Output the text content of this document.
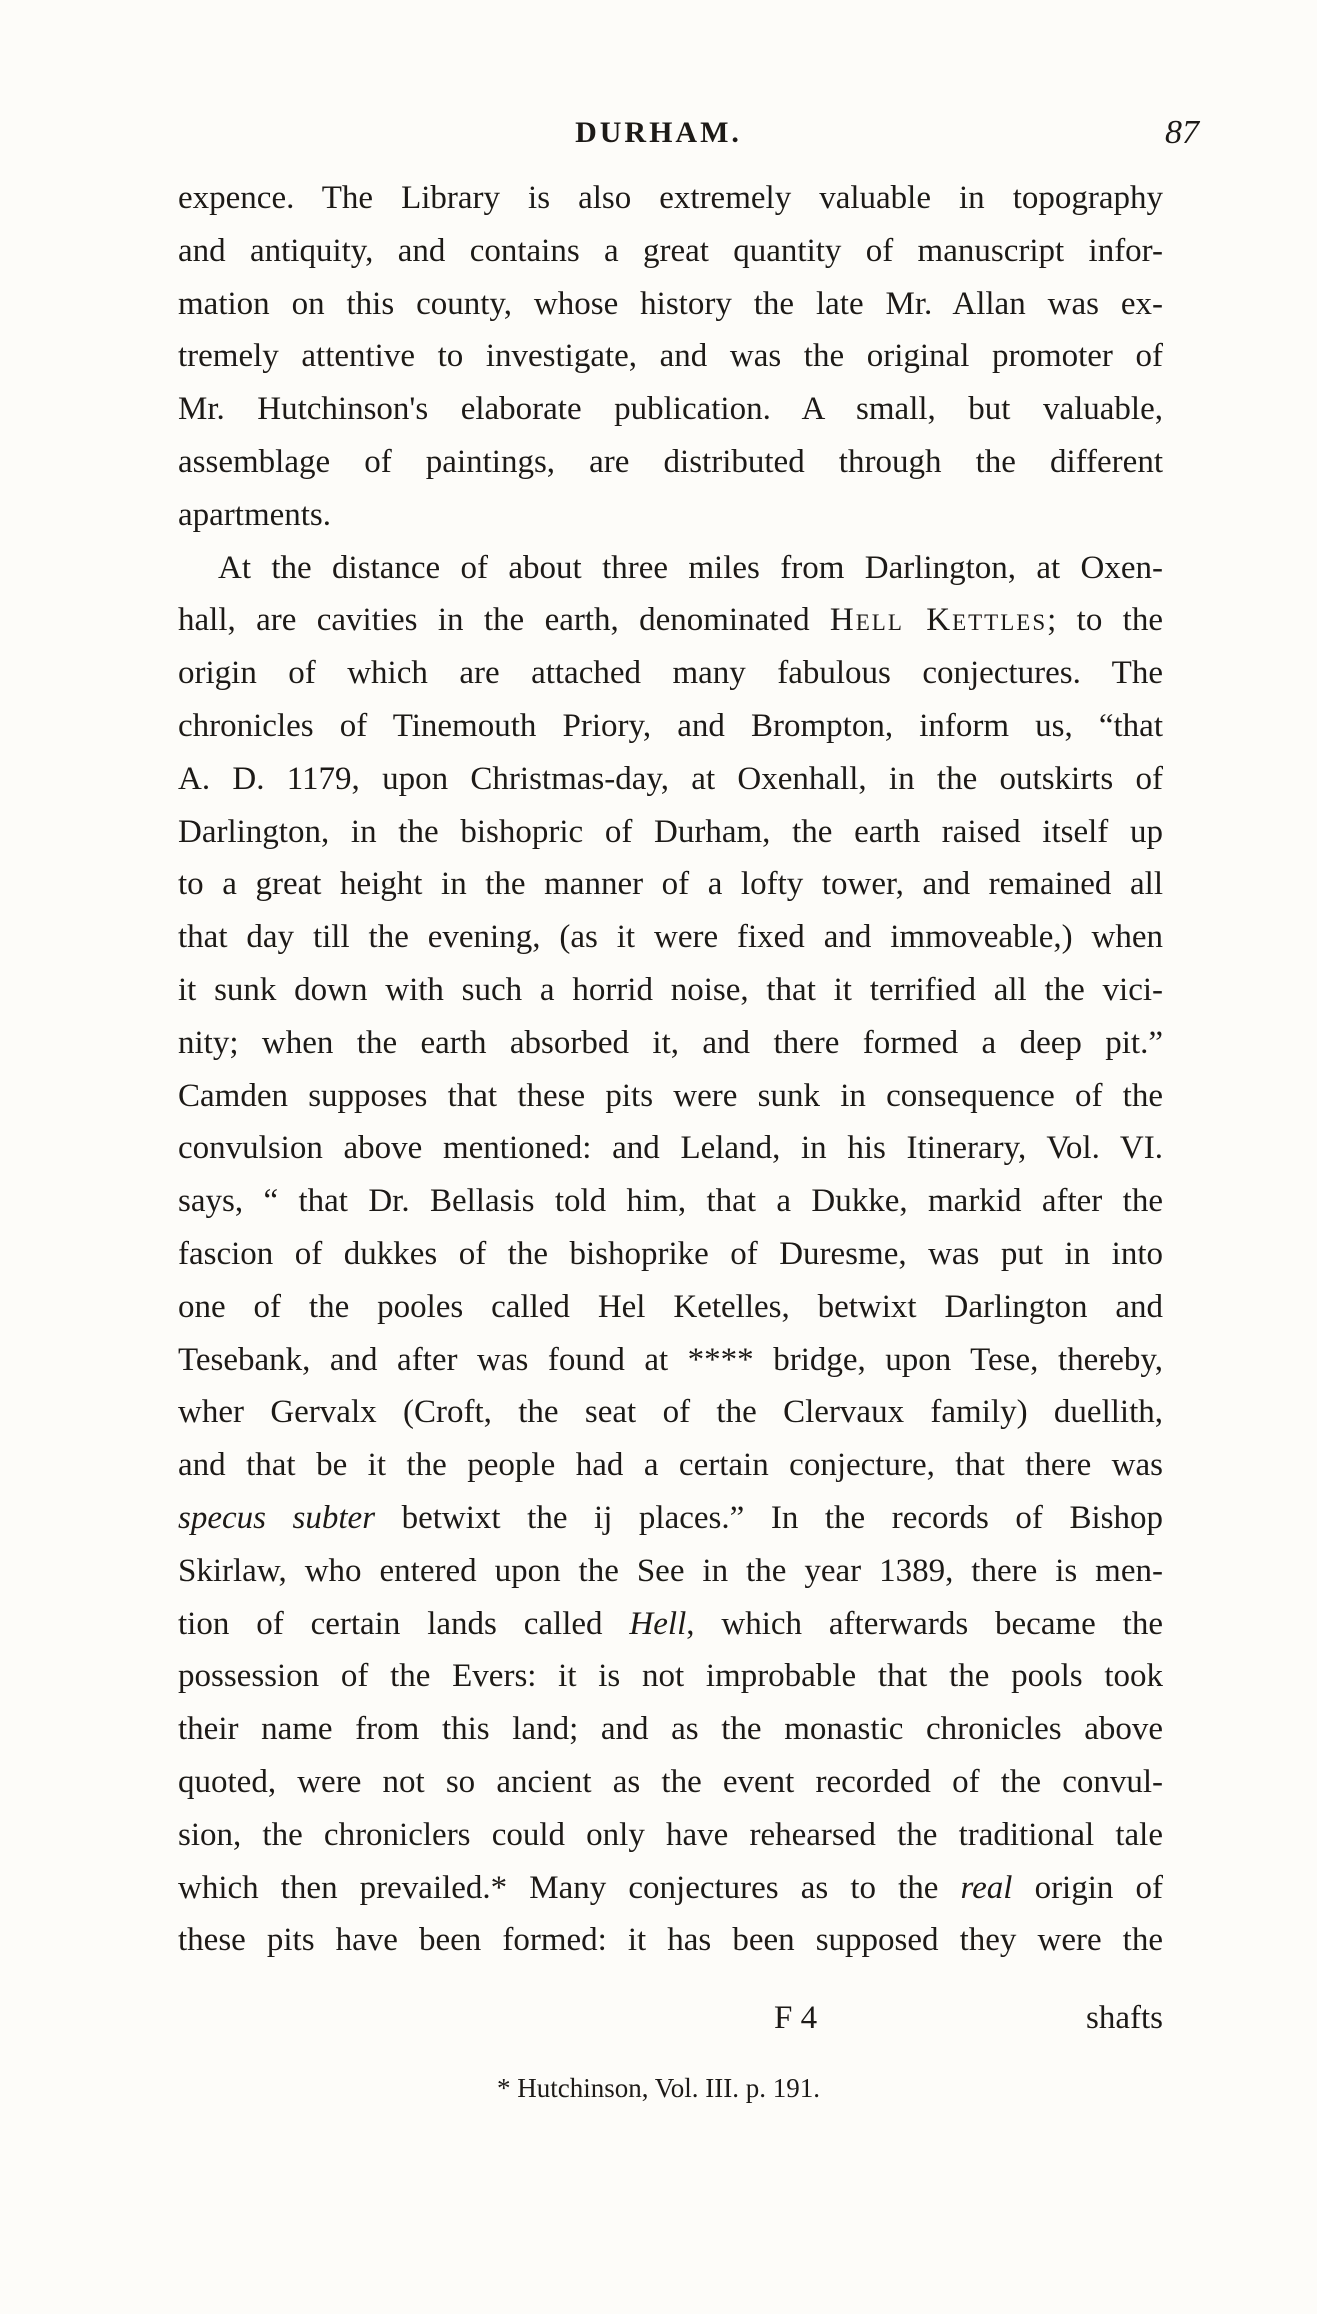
DURHAM.	87
expence. The Library is also extremely valuable in topography
and antiquity, and contains a great quantity of manuscript infor-
mation on this county, whose history the late Mr. Allan was ex-
tremely attentive to investigate, and was the original promoter of
Mr. Hutchinson's elaborate publication. A small, but valuable,
assemblage of paintings, are distributed through the different
apartments.
At the distance of about three miles from Darlington, at Oxen-
hall, are cavities in the earth, denominated Hell Kettles; to the
origin of which are attached many fabulous conjectures. The
chronicles of Tinemouth Priory, and Brompton, inform us, “that
A. D. 1179, upon Christmas-day, at Oxenhall, in the outskirts of
Darlington, in the bishopric of Durham, the earth raised itself up
to a great height in the manner of a lofty tower, and remained all
that day till the evening, (as it were fixed and immoveable,) when
it sunk down with such a horrid noise, that it terrified all the vici-
nity; when the earth absorbed it, and there formed a deep pit.”
Camden supposes that these pits were sunk in consequence of the
convulsion above mentioned: and Leland, in his Itinerary, Vol. VI.
says, “ that Dr. Bellasis told him, that a Dukke, markid after the
fascion of dukkes of the bishoprike of Duresme, was put in into
one of the pooles called Hel Ketelles, betwixt Darlington and
Tesebank, and after was found at **** bridge, upon Tese, thereby,
wher Gervalx (Croft, the seat of the Clervaux family) duellith,
and that be it the people had a certain conjecture, that there was
specus subter betwixt the ij places.” In the records of Bishop
Skirlaw, who entered upon the See in the year 1389, there is men-
tion of certain lands called Hell, which afterwards became the
possession of the Evers: it is not improbable that the pools took
their name from this land; and as the monastic chronicles above
quoted, were not so ancient as the event recorded of the convul-
sion, the chroniclers could only have rehearsed the traditional tale
which then prevailed.* Many conjectures as to the real origin of
these pits have been formed: it has been supposed they were the
F 4	shafts
* Hutchinson, Vol. III. p. 191.
